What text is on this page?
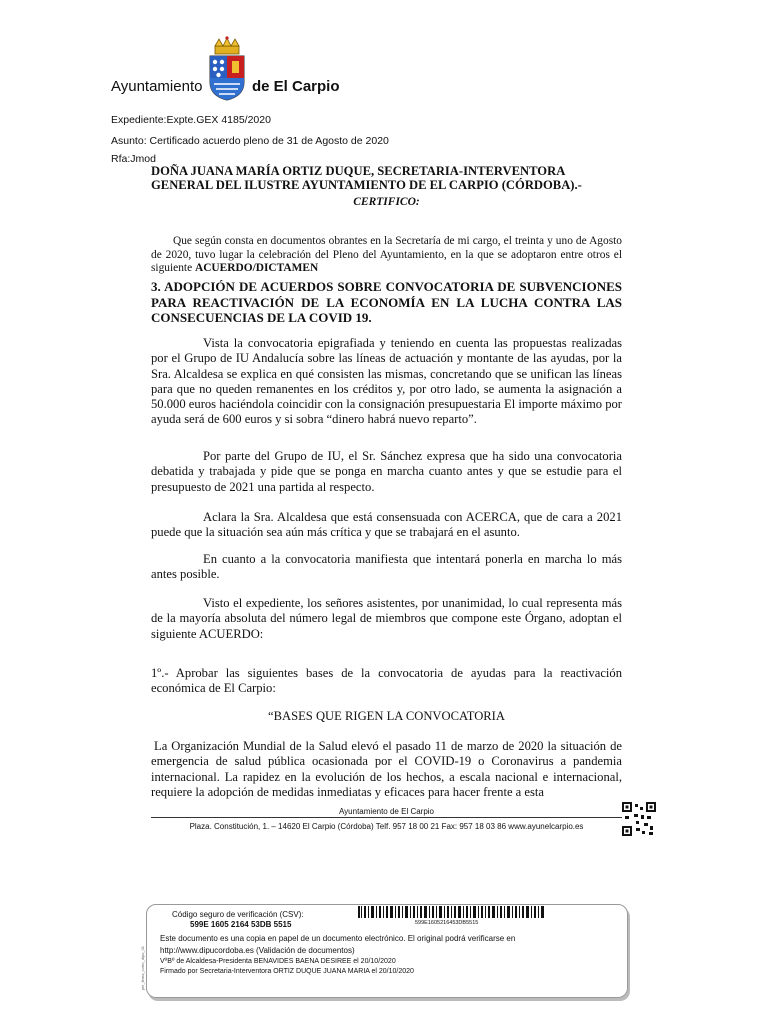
Ayuntamiento	de El Carpio
Expediente:Expte.GEX 4185/2020
Asunto: Certificado acuerdo pleno de 31 de Agosto de 2020
Rfa:Jmod
DOÑA JUANA MARÍA ORTIZ DUQUE, SECRETARIA-INTERVENTORA GENERAL DEL ILUSTRE AYUNTAMIENTO DE EL CARPIO (CÓRDOBA).-
CERTIFICO:
Que según consta en documentos obrantes en la Secretaría de mi cargo, el treinta y uno de Agosto de 2020, tuvo lugar la celebración del Pleno del Ayuntamiento, en la que se adoptaron entre otros el siguiente ACUERDO/DICTAMEN
3. ADOPCIÓN DE ACUERDOS SOBRE CONVOCATORIA DE SUBVENCIONES PARA REACTIVACIÓN DE LA ECONOMÍA EN LA LUCHA CONTRA LAS CONSECUENCIAS DE LA COVID 19.
Vista la convocatoria epigrafiada y teniendo en cuenta las propuestas realizadas por el Grupo de IU Andalucía sobre las líneas de actuación y montante de las ayudas, por la Sra. Alcaldesa se explica en qué consisten las mismas, concretando que se unifican las líneas para que no queden remanentes en los créditos y, por otro lado, se aumenta la asignación a 50.000 euros haciéndola coincidir con la consignación presupuestaria El importe máximo por ayuda será de 600 euros y si sobra “dinero habrá nuevo reparto”.
Por parte del Grupo de IU, el Sr. Sánchez expresa que ha sido una convocatoria debatida y trabajada y pide que se ponga en marcha cuanto antes y que se estudie para el presupuesto de 2021 una partida al respecto.
Aclara la Sra. Alcaldesa que está consensuada con ACERCA, que de cara a 2021 puede que la situación sea aún más crítica y que se trabajará en el asunto.
En cuanto a la convocatoria manifiesta que intentará ponerla en marcha lo más antes posible.
Visto el expediente, los señores asistentes, por unanimidad, lo cual representa más de la mayoría absoluta del número legal de miembros que compone este Órgano, adoptan el siguiente ACUERDO:
1º.- Aprobar las siguientes bases de la convocatoria de ayudas para la reactivación económica de El Carpio:
“BASES QUE RIGEN LA CONVOCATORIA
La Organización Mundial de la Salud elevó el pasado 11 de marzo de 2020 la situación de emergencia de salud pública ocasionada por el COVID-19 o Coronavirus a pandemia internacional. La rapidez en la evolución de los hechos, a escala nacional e internacional, requiere la adopción de medidas inmediatas y eficaces para hacer frente a esta
Ayuntamiento de El Carpio
Plaza. Constitución, 1. – 14620 El Carpio (Córdoba) Telf. 957 18 00 21 Fax: 957 18 03 86 www.ayunelcarpio.es
Código seguro de verificación (CSV):
599E 1605 2164 53DB 5515	599E1605216453DB5515
Este documento es una copia en papel de un documento electrónico. El original podrá verificarse en
http://www.dipucordoba.es (Validación de documentos)
VºBº de Alcaldesa-Presidenta BENAVIDES BAENA DESIREE el 20/10/2020
Firmado por Secretaria-Interventora ORTIZ DUQUE JUANA MARIA el 20/10/2020
pie_firma_corto_dipu_01
